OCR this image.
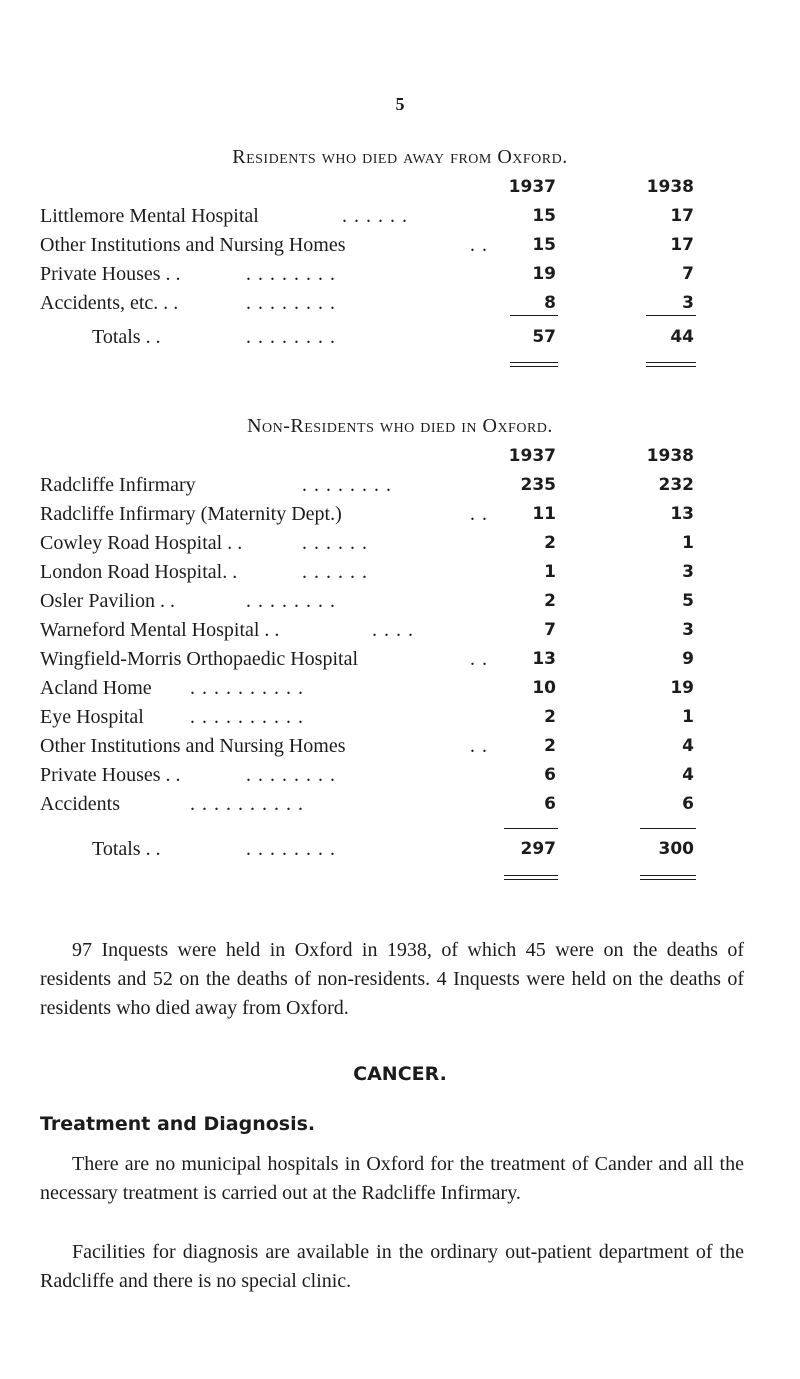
5
Residents who died away from Oxford.
1937	1938
Littlemore Mental Hospital	. . . . . .	15	17
Other Institutions and Nursing Homes	. .	15	17
Private Houses . .	. . . . . . . .	19	7
Accidents, etc. . .	. . . . . . . .	8	3
Totals . .	. . . . . . . .	57	44
Non-Residents who died in Oxford.
1937	1938
Radcliffe Infirmary	. . . . . . . .	235	232
Radcliffe Infirmary (Maternity Dept.)	. .	11	13
Cowley Road Hospital . .	. . . . . .	2	1
London Road Hospital. .	. . . . . .	1	3
Osler Pavilion . .	. . . . . . . .	2	5
Warneford Mental Hospital . .	. . . .	7	3
Wingfield-Morris Orthopaedic Hospital	. .	13	9
Acland Home . . . . . . . . . .	10	19
Eye Hospital . . . . . . . . . .	2	1
Other Institutions and Nursing Homes	. .	2	4
Private Houses . .	. . . . . . . .	6	4
Accidents	. . . . . . . . . .	6	6
Totals . .	. . . . . . . .	297	300

97 Inquests were held in Oxford in 1938, of which 45 were on the deaths of residents and 52 on the deaths of non-residents. 4 Inquests were held on the deaths of residents who died away from Oxford.

CANCER.
Treatment and Diagnosis.

There are no municipal hospitals in Oxford for the treatment of Cander and all the necessary treatment is carried out at the Radcliffe Infirmary.

Facilities for diagnosis are available in the ordinary out-patient department of the Radcliffe and there is no special clinic.
